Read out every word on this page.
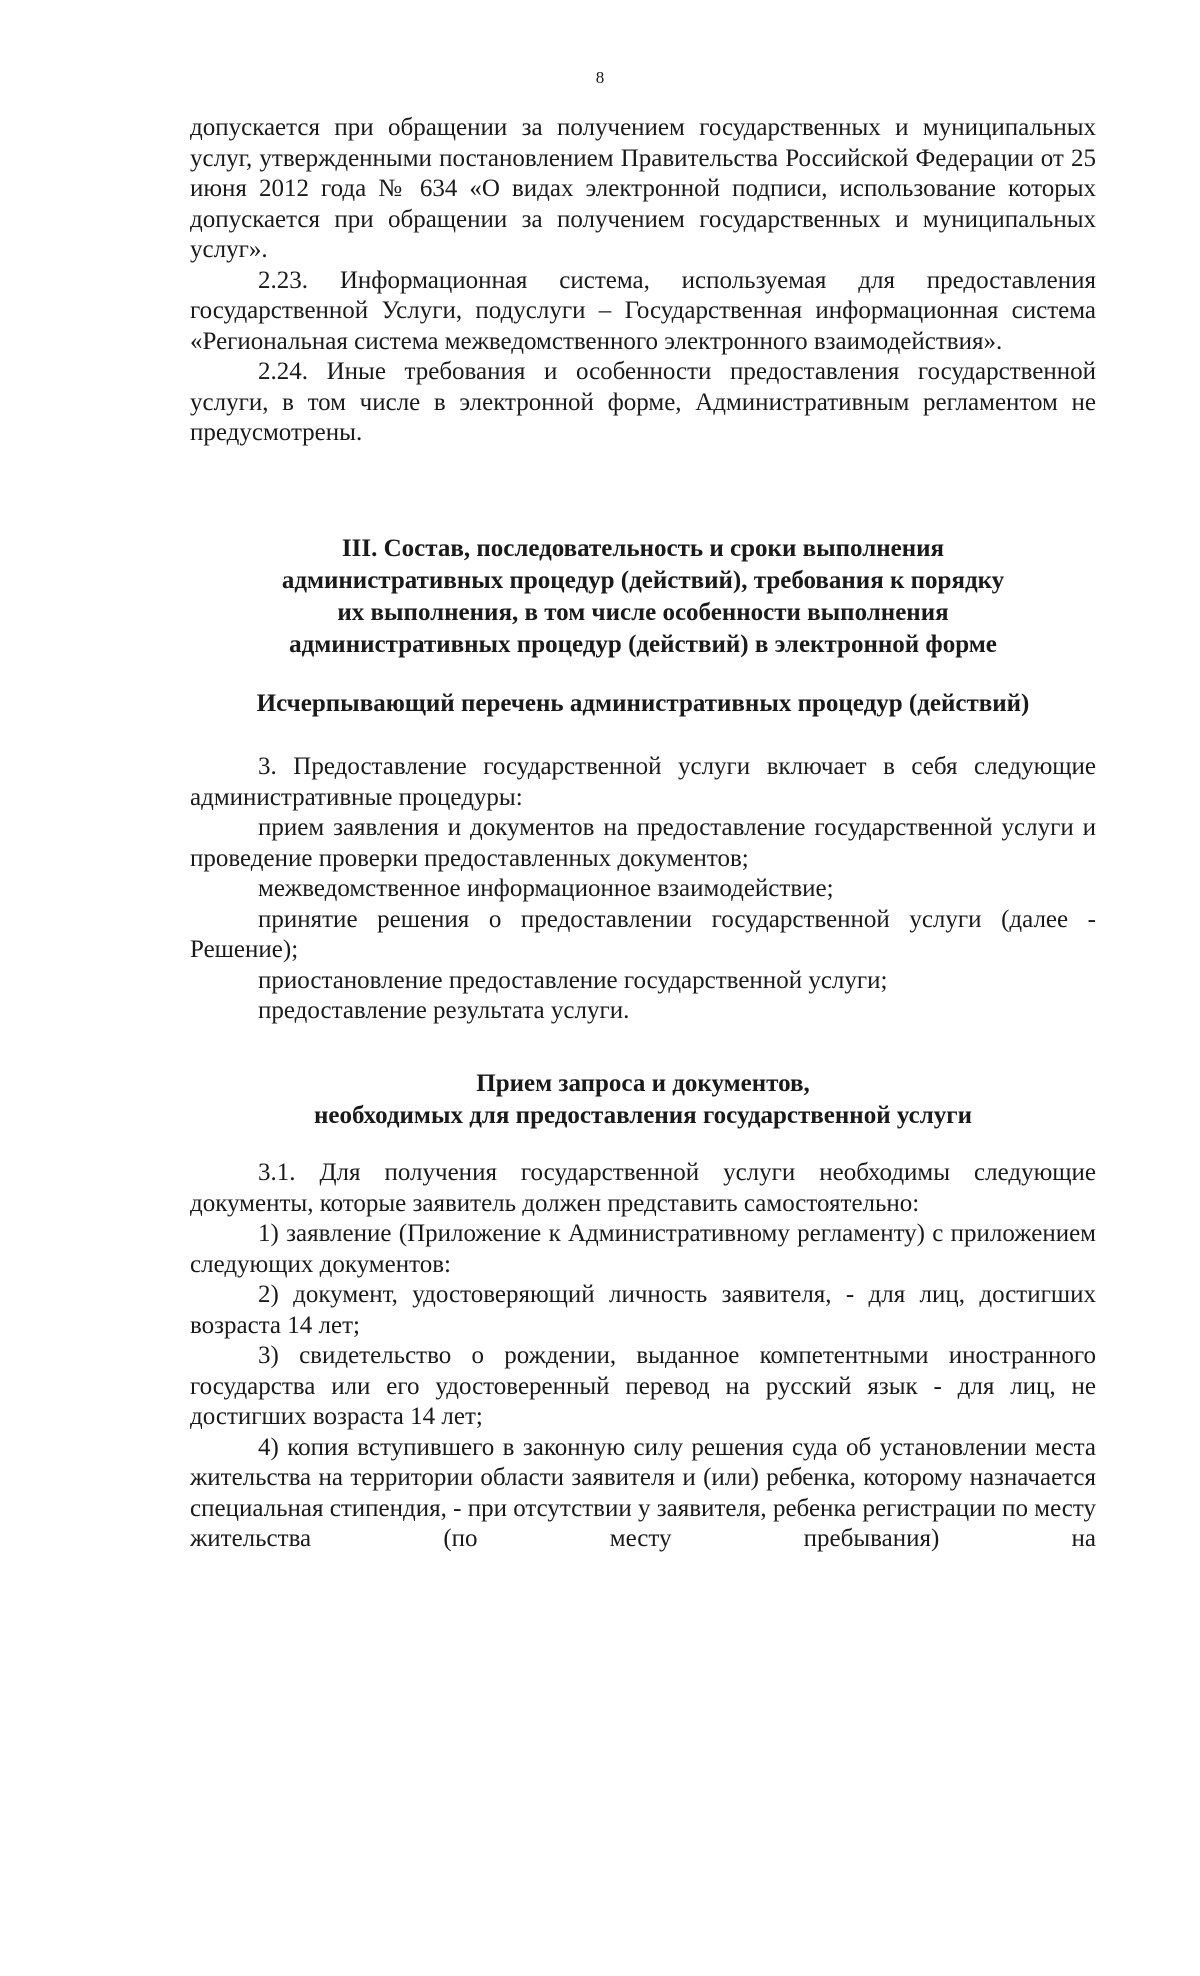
8

допускается при обращении за получением государственных и муниципальных услуг, утвержденными постановлением Правительства Российской Федерации от 25 июня 2012 года № 634 «О видах электронной подписи, использование которых допускается при обращении за получением государственных и муниципальных услуг».

2.23. Информационная система, используемая для предоставления государственной Услуги, подуслуги – Государственная информационная система «Региональная система межведомственного электронного взаимодействия».

2.24. Иные требования и особенности предоставления государственной услуги, в том числе в электронной форме, Административным регламентом не предусмотрены.

III. Состав, последовательность и сроки выполнения
административных процедур (действий), требования к порядку
их выполнения, в том числе особенности выполнения
административных процедур (действий) в электронной форме
Исчерпывающий перечень административных процедур (действий)

3. Предоставление государственной услуги включает в себя следующие административные процедуры:

прием заявления и документов на предоставление государственной услуги и проведение проверки предоставленных документов;

межведомственное информационное взаимодействие;

принятие решения о предоставлении государственной услуги (далее - Решение);

приостановление предоставление государственной услуги;

предоставление результата услуги.

Прием запроса и документов,
необходимых для предоставления государственной услуги

3.1. Для получения государственной услуги необходимы следующие документы, которые заявитель должен представить самостоятельно:

1) заявление (Приложение к Административному регламенту) с приложением следующих документов:

2) документ, удостоверяющий личность заявителя, - для лиц, достигших возраста 14 лет;

3) свидетельство о рождении, выданное компетентными иностранного государства или его удостоверенный перевод на русский язык - для лиц, не достигших возраста 14 лет;

4) копия вступившего в законную силу решения суда об установлении места жительства на территории области заявителя и (или) ребенка, которому назначается специальная стипендия, - при отсутствии у заявителя, ребенка регистрации по месту жительства (по месту пребывания) на
